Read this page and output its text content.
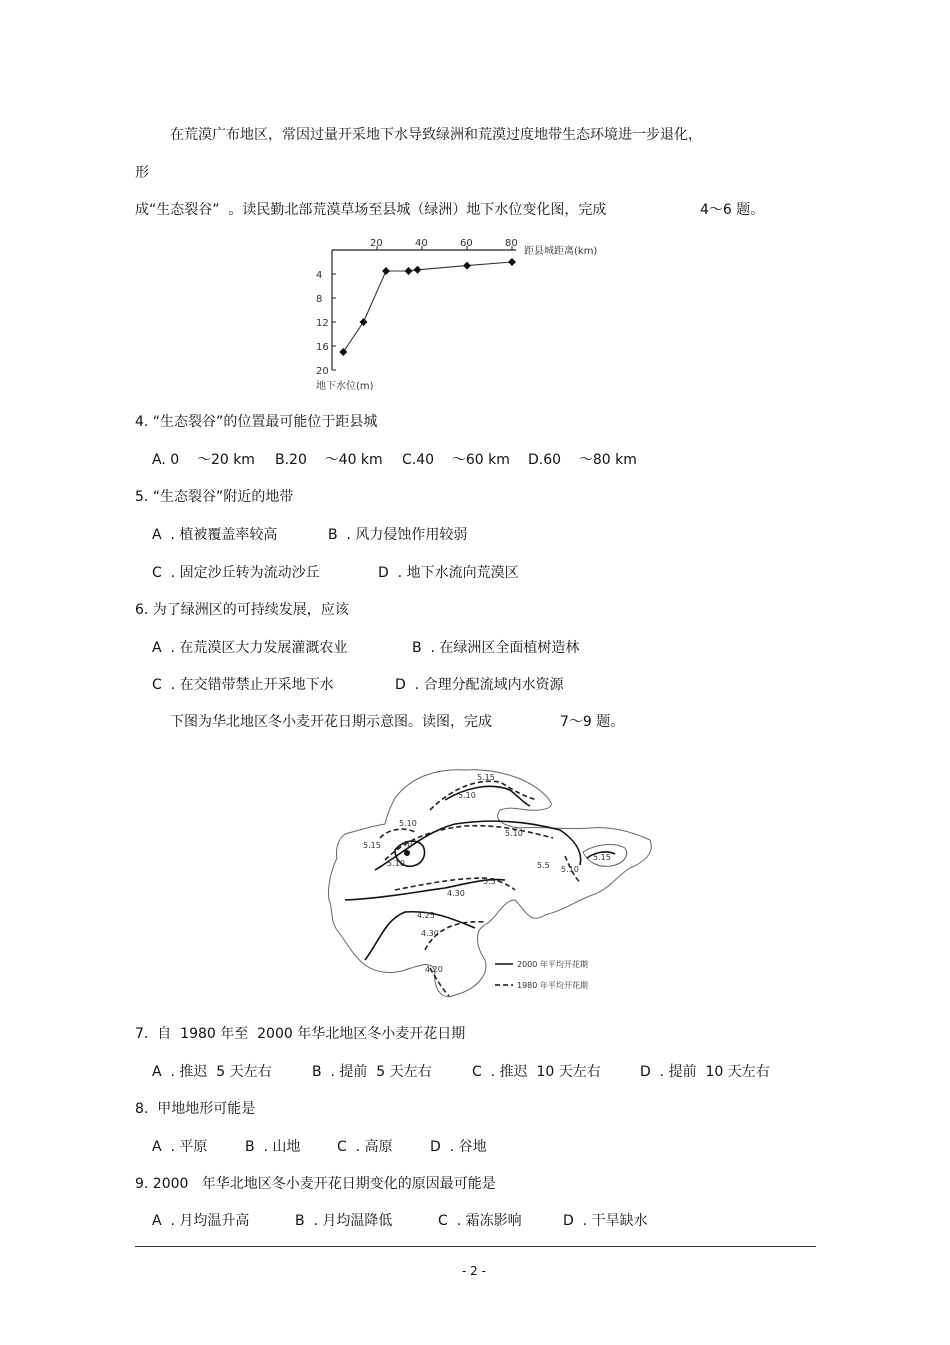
在荒漠广布地区，常因过量开采地下水导致绿洲和荒漠过度地带生态环境进一步退化，
形
成“生态裂谷”  。读民勤北部荒漠草场至县城（绿洲）地下水位变化图，完成	4～6 题。
20	40	60	80
4
8
12
16
20
距县城距离(km)
地下水位(m)
4. “生态裂谷”的位置最可能位于距县城
A. 0    ～20 km B.20    ～40 km C.40    ～60 km D.60    ～80 km
5. “生态裂谷”附近的地带
A  . 植被覆盖率较高	B  . 风力侵蚀作用较弱
C  . 固定沙丘转为流动沙丘	D  . 地下水流向荒漠区
6. 为了绿洲区的可持续发展，应该
A  . 在荒漠区大力发展灌溉农业	B  . 在绿洲区全面植树造林
C  . 在交错带禁止开采地下水	D  . 合理分配流域内水资源
下图为华北地区冬小麦开花日期示意图。读图，完成	7～9 题。
5.15
5.10
5.10
5.15
5.10
甲
5.5
5.15
5.10
5.10
5.5
4.30
4.25
4.30
4.20
2000 年平均开花期
1980 年平均开花期
7.  自  1980 年至  2000 年华北地区冬小麦开花日期
A  . 推迟  5 天左右	B  . 提前  5 天左右	C  . 推迟  10 天左右	D  . 提前  10 天左右
8.  甲地地形可能是
A  . 平原	B  . 山地	C  . 高原	D  . 谷地
9. 2000   年华北地区冬小麦开花日期变化的原因最可能是
A  . 月均温升高	B  . 月均温降低	C  . 霜冻影响	D  . 干旱缺水
- 2 -
